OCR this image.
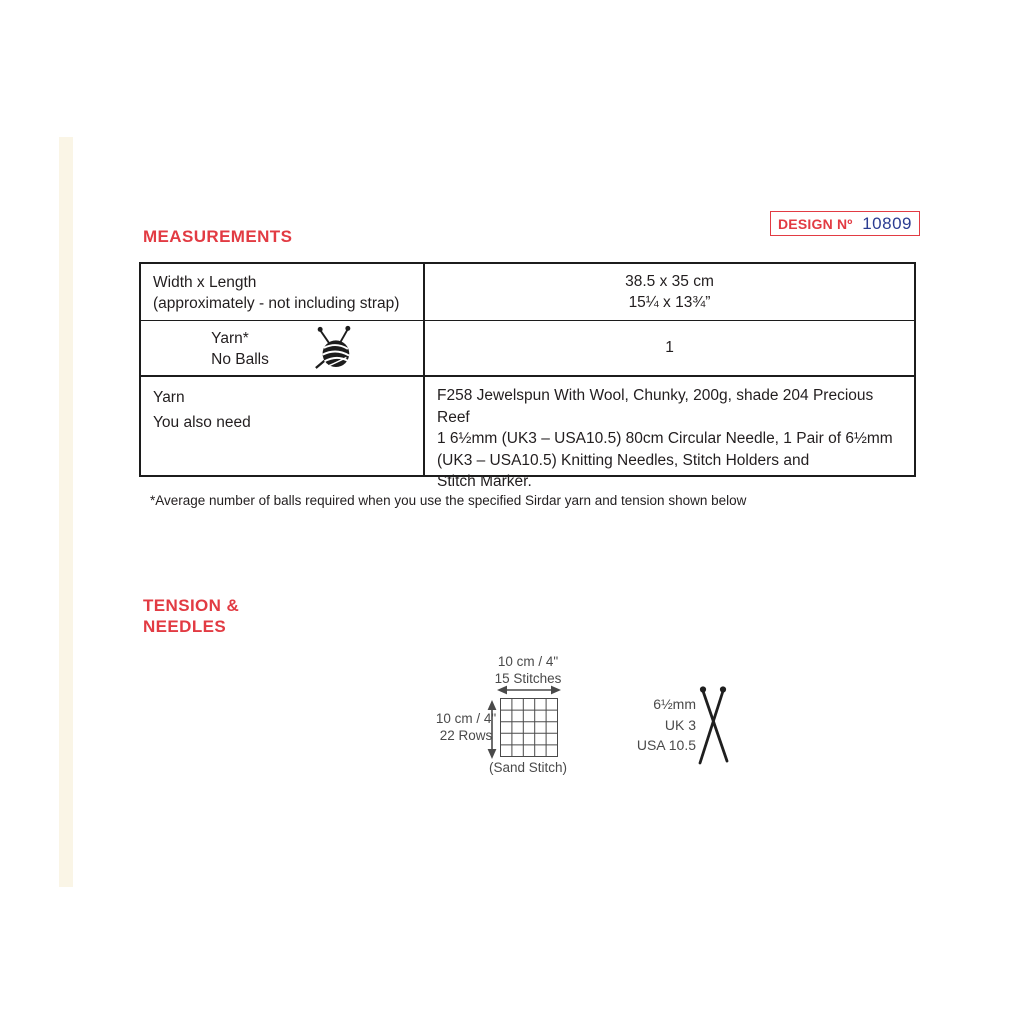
DESIGN Nº 10809
MEASUREMENTS
Width x Length
(approximately - not including strap)
38.5 x 35 cm
15¼ x 13¾”
Yarn*
No Balls
1
Yarn
You also need
F258 Jewelspun With Wool, Chunky, 200g, shade 204 Precious Reef
1 6½mm (UK3 – USA10.5) 80cm Circular Needle, 1 Pair of 6½mm
(UK3 – USA10.5) Knitting Needles, Stitch Holders and
Stitch Marker.
*Average number of balls required when you use the specified Sirdar yarn and tension shown below
TENSION &
NEEDLES
10 cm / 4"
15 Stitches
10 cm / 4"
22 Rows
(Sand Stitch)
6½mm
UK 3
USA 10.5
